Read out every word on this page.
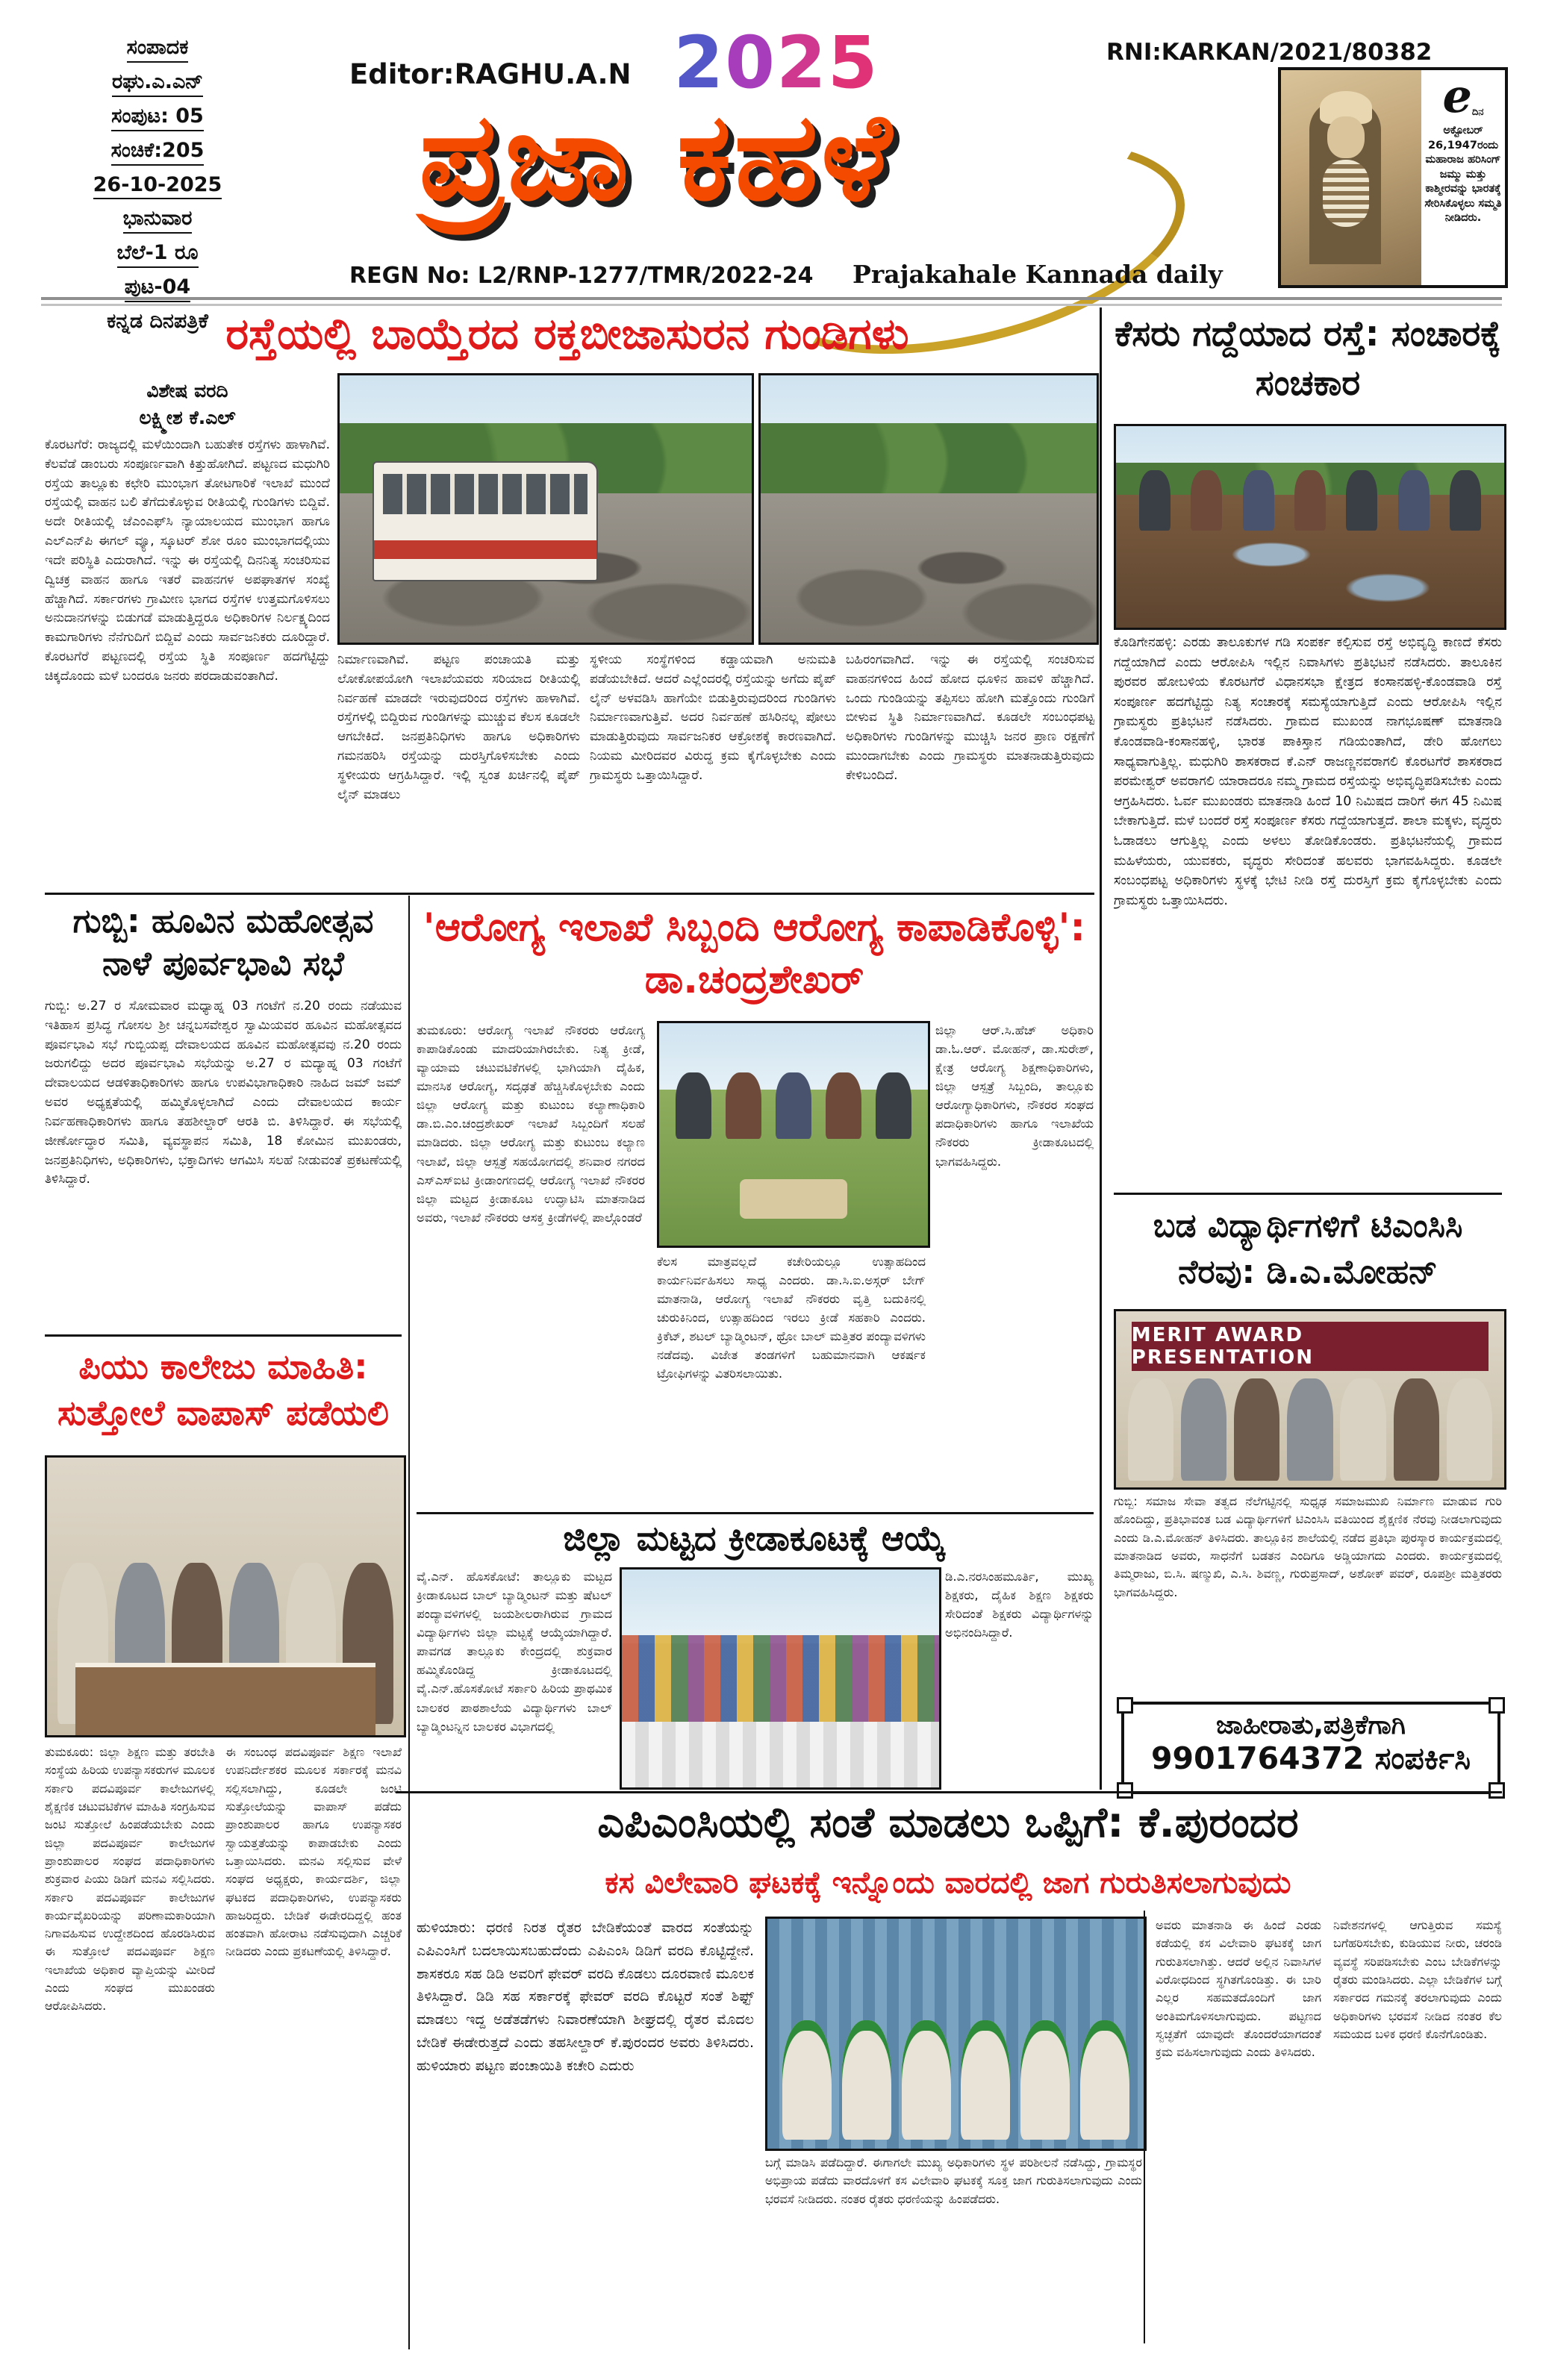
ಸಂಪಾದಕ
ರಘು.ಎ.ಎನ್
ಸಂಪುಟ: 05
ಸಂಚಿಕೆ:205
26-10-2025
ಭಾನುವಾರ
ಬೆಲೆ-1 ರೂ
ಪುಟ-04
ಕನ್ನಡ ದಿನಪತ್ರಿಕೆ
Editor:RAGHU.A.N 2025
ಪ್ರಜಾ ಕಹಳೆ
REGN No: L2/RNP-1277/TMR/2022-24 Prajakahale Kannada daily
RNI:KARKAN/2021/80382
$e_{ದಿನ}$
ಅಕ್ಟೋಬರ್ 26,1947ರಂದು ಮಹಾರಾಜ ಹರಿಸಿಂಗ್ ಜಮ್ಮು ಮತ್ತು ಕಾಶ್ಮೀರವನ್ನು ಭಾರತಕ್ಕೆ ಸೇರಿಸಿಕೊಳ್ಳಲು ಸಮ್ಮತಿ ನೀಡಿದರು.
ರಸ್ತೆಯಲ್ಲಿ ಬಾಯ್ತೆರದ ರಕ್ತಬೀಜಾಸುರನ ಗುಂಡಿಗಳು
ವಿಶೇಷ ವರದಿ
ಲಕ್ಷ್ಮೀಶ ಕೆ.ಎಲ್
ಕೊರಟಗೆರೆ: ರಾಜ್ಯದಲ್ಲಿ ಮಳೆಯಿಂದಾಗಿ ಬಹುತೇಕ ರಸ್ತೆಗಳು ಹಾಳಾಗಿವೆ. ಕೆಲವೆಡೆ ಡಾಂಬರು ಸಂಪೂರ್ಣವಾಗಿ ಕಿತ್ತುಹೋಗಿದೆ. ಪಟ್ಟಣದ ಮಧುಗಿರಿ ರಸ್ತೆಯ ತಾಲ್ಲೂಕು ಕಛೇರಿ ಮುಂಭಾಗ ತೋಟಗಾರಿಕೆ ಇಲಾಖೆ ಮುಂದೆ ರಸ್ತೆಯಲ್ಲಿ ವಾಹನ ಬಲಿ ತೆಗೆದುಕೊಳ್ಳುವ ರೀತಿಯಲ್ಲಿ ಗುಂಡಿಗಳು ಬಿದ್ದಿವೆ. ಅದೇ ರೀತಿಯಲ್ಲಿ ಜೆಎಂಎಫ್‌ಸಿ ನ್ಯಾಯಾಲಯದ ಮುಂಭಾಗ ಹಾಗೂ ಎಲ್‌ಎನ್‌ಪಿ ಈಗಲ್ ವ್ಯೂ, ಸ್ಕೂಟರ್ ಶೋ ರೂಂ ಮುಂಭಾಗದಲ್ಲಿಯು ಇದೇ ಪರಿಸ್ಥಿತಿ ಎದುರಾಗಿದೆ. ಇನ್ನು ಈ ರಸ್ತೆಯಲ್ಲಿ ದಿನನಿತ್ಯ ಸಂಚರಿಸುವ ದ್ವಿಚಕ್ರ ವಾಹನ ಹಾಗೂ ಇತರೆ ವಾಹನಗಳ ಅಪಘಾತಗಳ ಸಂಖ್ಯೆ ಹೆಚ್ಚಾಗಿದೆ. ಸರ್ಕಾರಗಳು ಗ್ರಾಮೀಣ ಭಾಗದ ರಸ್ತೆಗಳ ಉತ್ತಮಗೊಳಿಸಲು ಅನುದಾನಗಳನ್ನು ಬಿಡುಗಡೆ ಮಾಡುತ್ತಿದ್ದರೂ ಅಧಿಕಾರಿಗಳ ನಿರ್ಲಕ್ಷ್ಯದಿಂದ ಕಾಮಗಾರಿಗಳು ನೆನೆಗುದಿಗೆ ಬಿದ್ದಿವೆ ಎಂದು ಸಾರ್ವಜನಿಕರು ದೂರಿದ್ದಾರೆ. ಕೊರಟಗೆರೆ ಪಟ್ಟಣದಲ್ಲಿ ರಸ್ತೆಯ ಸ್ಥಿತಿ ಸಂಪೂರ್ಣ ಹದಗೆಟ್ಟಿದ್ದು ಚಿಕ್ಕದೊಂದು ಮಳೆ ಬಂದರೂ ಜನರು ಪರದಾಡುವಂತಾಗಿದೆ.
ನಿರ್ಮಾಣವಾಗಿವೆ. ಪಟ್ಟಣ ಪಂಚಾಯತಿ ಮತ್ತು ಲೋಕೋಪಯೋಗಿ ಇಲಾಖೆಯವರು ಸರಿಯಾದ ರೀತಿಯಲ್ಲಿ ನಿರ್ವಹಣೆ ಮಾಡದೇ ಇರುವುದರಿಂದ ರಸ್ತೆಗಳು ಹಾಳಾಗಿವೆ. ರಸ್ತೆಗಳಲ್ಲಿ ಬಿದ್ದಿರುವ ಗುಂಡಿಗಳನ್ನು ಮುಚ್ಚುವ ಕೆಲಸ ಕೂಡಲೇ ಆಗಬೇಕಿದೆ. ಜನಪ್ರತಿನಿಧಿಗಳು ಹಾಗೂ ಅಧಿಕಾರಿಗಳು ಗಮನಹರಿಸಿ ರಸ್ತೆಯನ್ನು ದುರಸ್ತಿಗೊಳಿಸಬೇಕು ಎಂದು ಸ್ಥಳೀಯರು ಆಗ್ರಹಿಸಿದ್ದಾರೆ. ಇಲ್ಲಿ ಸ್ವಂತ ಖರ್ಚಿನಲ್ಲಿ ಪೈಪ್ ಲೈನ್ ಮಾಡಲು
ಸ್ಥಳೀಯ ಸಂಸ್ಥೆಗಳಿಂದ ಕಡ್ಡಾಯವಾಗಿ ಅನುಮತಿ ಪಡೆಯಬೇಕಿದೆ. ಆದರೆ ಎಲ್ಲೆಂದರಲ್ಲಿ ರಸ್ತೆಯನ್ನು ಅಗೆದು ಪೈಪ್ ಲೈನ್ ಅಳವಡಿಸಿ ಹಾಗೆಯೇ ಬಿಡುತ್ತಿರುವುದರಿಂದ ಗುಂಡಿಗಳು ನಿರ್ಮಾಣವಾಗುತ್ತಿವೆ. ಅದರ ನಿರ್ವಹಣೆ ಹಸಿರಿನಲ್ಲ ಪೋಲು ಮಾಡುತ್ತಿರುವುದು ಸಾರ್ವಜನಿಕರ ಆಕ್ರೋಶಕ್ಕೆ ಕಾರಣವಾಗಿದೆ. ನಿಯಮ ಮೀರಿದವರ ವಿರುದ್ಧ ಕ್ರಮ ಕೈಗೊಳ್ಳಬೇಕು ಎಂದು ಗ್ರಾಮಸ್ಥರು ಒತ್ತಾಯಿಸಿದ್ದಾರೆ.
ಬಹಿರಂಗವಾಗಿದೆ. ಇನ್ನು ಈ ರಸ್ತೆಯಲ್ಲಿ ಸಂಚರಿಸುವ ವಾಹನಗಳಿಂದ ಹಿಂದೆ ಹೋದ ಧೂಳಿನ ಹಾವಳಿ ಹೆಚ್ಚಾಗಿದೆ. ಒಂದು ಗುಂಡಿಯನ್ನು ತಪ್ಪಿಸಲು ಹೋಗಿ ಮತ್ತೊಂದು ಗುಂಡಿಗೆ ಬೀಳುವ ಸ್ಥಿತಿ ನಿರ್ಮಾಣವಾಗಿದೆ. ಕೂಡಲೇ ಸಂಬಂಧಪಟ್ಟ ಅಧಿಕಾರಿಗಳು ಗುಂಡಿಗಳನ್ನು ಮುಚ್ಚಿಸಿ ಜನರ ಪ್ರಾಣ ರಕ್ಷಣೆಗೆ ಮುಂದಾಗಬೇಕು ಎಂದು ಗ್ರಾಮಸ್ಥರು ಮಾತನಾಡುತ್ತಿರುವುದು ಕೇಳಿಬಂದಿದೆ.
ಗುಬ್ಬಿ: ಹೂವಿನ ಮಹೋತ್ಸವ ನಾಳೆ ಪೂರ್ವಭಾವಿ ಸಭೆ
ಗುಬ್ಬಿ: ಅ.27 ರ ಸೋಮವಾರ ಮಧ್ಯಾಹ್ನ 03 ಗಂಟೆಗೆ ನ.20 ರಂದು ನಡೆಯುವ ಇತಿಹಾಸ ಪ್ರಸಿದ್ಧ ಗೋಸಲ ಶ್ರೀ ಚನ್ನಬಸವೇಶ್ವರ ಸ್ವಾಮಿಯವರ ಹೂವಿನ ಮಹೋತ್ಸವದ ಪೂರ್ವಭಾವಿ ಸಭೆ ಗುಬ್ಬಿಯಪ್ಪ ದೇವಾಲಯದ ಹೂವಿನ ಮಹೋತ್ಸವವು ನ.20 ರಂದು ಜರುಗಲಿದ್ದು ಅದರ ಪೂರ್ವಭಾವಿ ಸಭೆಯನ್ನು ಅ.27 ರ ಮದ್ಯಾಹ್ನ 03 ಗಂಟೆಗೆ ದೇವಾಲಯದ ಆಡಳಿತಾಧಿಕಾರಿಗಳು ಹಾಗೂ ಉಪವಿಭಾಗಾಧಿಕಾರಿ ನಾಹಿದ ಜಮ್ ಜಮ್ ಅವರ ಅಧ್ಯಕ್ಷತೆಯಲ್ಲಿ ಹಮ್ಮಿಕೊಳ್ಳಲಾಗಿದೆ ಎಂದು ದೇವಾಲಯದ ಕಾರ್ಯ ನಿರ್ವಹಣಾಧಿಕಾರಿಗಳು ಹಾಗೂ ತಹಶೀಲ್ದಾರ್ ಆರತಿ ಬಿ. ತಿಳಿಸಿದ್ದಾರೆ. ಈ ಸಭೆಯಲ್ಲಿ ಜೀರ್ಣೋದ್ಧಾರ ಸಮಿತಿ, ವ್ಯವಸ್ಥಾಪನ ಸಮಿತಿ, 18 ಕೋಮಿನ ಮುಖಂಡರು, ಜನಪ್ರತಿನಿಧಿಗಳು, ಅಧಿಕಾರಿಗಳು, ಭಕ್ತಾದಿಗಳು ಆಗಮಿಸಿ ಸಲಹೆ ನೀಡುವಂತೆ ಪ್ರಕಟಣೆಯಲ್ಲಿ ತಿಳಿಸಿದ್ದಾರೆ.
ಪಿಯು ಕಾಲೇಜು ಮಾಹಿತಿ: ಸುತ್ತೋಲೆ ವಾಪಾಸ್ ಪಡೆಯಲಿ
ತುಮಕೂರು: ಜಿಲ್ಲಾ ಶಿಕ್ಷಣ ಮತ್ತು ತರಬೇತಿ ಸಂಸ್ಥೆಯ ಹಿರಿಯ ಉಪನ್ಯಾಸಕರುಗಳ ಮೂಲಕ ಸರ್ಕಾರಿ ಪದವಿಪೂರ್ವ ಕಾಲೇಜುಗಳಲ್ಲಿ ಶೈಕ್ಷಣಿಕ ಚಟುವಟಿಕೆಗಳ ಮಾಹಿತಿ ಸಂಗ್ರಹಿಸುವ ಜಂಟಿ ಸುತ್ತೋಲೆ ಹಿಂಪಡೆಯಬೇಕು ಎಂದು ಜಿಲ್ಲಾ ಪದವಿಪೂರ್ವ ಕಾಲೇಜುಗಳ ಪ್ರಾಂಶುಪಾಲರ ಸಂಘದ ಪದಾಧಿಕಾರಿಗಳು ಶುಕ್ರವಾರ ಪಿಯು ಡಿಡಿಗೆ ಮನವಿ ಸಲ್ಲಿಸಿದರು. ಸರ್ಕಾರಿ ಪದವಿಪೂರ್ವ ಕಾಲೇಜುಗಳ ಕಾರ್ಯವೈಖರಿಯನ್ನು ಪರಿಣಾಮಕಾರಿಯಾಗಿ ನಿಗಾವಹಿಸುವ ಉದ್ದೇಶದಿಂದ ಹೊರಡಿಸಿರುವ ಈ ಸುತ್ತೋಲೆ ಪದವಿಪೂರ್ವ ಶಿಕ್ಷಣ ಇಲಾಖೆಯ ಅಧಿಕಾರ ವ್ಯಾಪ್ತಿಯನ್ನು ಮೀರಿದೆ ಎಂದು ಸಂಘದ ಮುಖಂಡರು ಆರೋಪಿಸಿದರು.
ಈ ಸಂಬಂಧ ಪದವಿಪೂರ್ವ ಶಿಕ್ಷಣ ಇಲಾಖೆ ಉಪನಿರ್ದೇಶಕರ ಮೂಲಕ ಸರ್ಕಾರಕ್ಕೆ ಮನವಿ ಸಲ್ಲಿಸಲಾಗಿದ್ದು, ಕೂಡಲೇ ಜಂಟಿ ಸುತ್ತೋಲೆಯನ್ನು ವಾಪಾಸ್ ಪಡೆದು ಪ್ರಾಂಶುಪಾಲರ ಹಾಗೂ ಉಪನ್ಯಾಸಕರ ಸ್ವಾಯತ್ತತೆಯನ್ನು ಕಾಪಾಡಬೇಕು ಎಂದು ಒತ್ತಾಯಿಸಿದರು. ಮನವಿ ಸಲ್ಲಿಸುವ ವೇಳೆ ಸಂಘದ ಅಧ್ಯಕ್ಷರು, ಕಾರ್ಯದರ್ಶಿ, ಜಿಲ್ಲಾ ಘಟಕದ ಪದಾಧಿಕಾರಿಗಳು, ಉಪನ್ಯಾಸಕರು ಹಾಜರಿದ್ದರು. ಬೇಡಿಕೆ ಈಡೇರದಿದ್ದಲ್ಲಿ ಹಂತ ಹಂತವಾಗಿ ಹೋರಾಟ ನಡೆಸುವುದಾಗಿ ಎಚ್ಚರಿಕೆ ನೀಡಿದರು ಎಂದು ಪ್ರಕಟಣೆಯಲ್ಲಿ ತಿಳಿಸಿದ್ದಾರೆ.
'ಆರೋಗ್ಯ ಇಲಾಖೆ ಸಿಬ್ಬಂದಿ ಆರೋಗ್ಯ ಕಾಪಾಡಿಕೊಳ್ಳಿ': ಡಾ.ಚಂದ್ರಶೇಖರ್
ತುಮಕೂರು: ಆರೋಗ್ಯ ಇಲಾಖೆ ನೌಕರರು ಆರೋಗ್ಯ ಕಾಪಾಡಿಕೊಂಡು ಮಾದರಿಯಾಗಿರಬೇಕು. ನಿತ್ಯ ಕ್ರೀಡೆ, ವ್ಯಾಯಾಮ ಚಟುವಟಿಕೆಗಳಲ್ಲಿ ಭಾಗಿಯಾಗಿ ದೈಹಿಕ, ಮಾನಸಿಕ ಆರೋಗ್ಯ, ಸದೃಢತೆ ಹೆಚ್ಚಿಸಿಕೊಳ್ಳಬೇಕು ಎಂದು ಜಿಲ್ಲಾ ಆರೋಗ್ಯ ಮತ್ತು ಕುಟುಂಬ ಕಲ್ಯಾಣಾಧಿಕಾರಿ ಡಾ.ಬಿ.ಎಂ.ಚಂದ್ರಶೇಖರ್ ಇಲಾಖೆ ಸಿಬ್ಬಂದಿಗೆ ಸಲಹೆ ಮಾಡಿದರು. ಜಿಲ್ಲಾ ಆರೋಗ್ಯ ಮತ್ತು ಕುಟುಂಬ ಕಲ್ಯಾಣ ಇಲಾಖೆ, ಜಿಲ್ಲಾ ಆಸ್ಪತ್ರೆ ಸಹಯೋಗದಲ್ಲಿ ಶನಿವಾರ ನಗರದ ಎಸ್‌ಎಸ್‌ಐಟಿ ಕ್ರೀಡಾಂಗಣದಲ್ಲಿ ಆರೋಗ್ಯ ಇಲಾಖೆ ನೌಕರರ ಜಿಲ್ಲಾ ಮಟ್ಟದ ಕ್ರೀಡಾಕೂಟ ಉದ್ಘಾಟಿಸಿ ಮಾತನಾಡಿದ ಅವರು, ಇಲಾಖೆ ನೌಕರರು ಆಸಕ್ತ ಕ್ರೀಡೆಗಳಲ್ಲಿ ಪಾಲ್ಗೊಂಡರೆ
ಕೆಲಸ ಮಾತ್ರವಲ್ಲದೆ ಕಚೇರಿಯಲ್ಲೂ ಉತ್ಸಾಹದಿಂದ ಕಾರ್ಯನಿರ್ವಹಿಸಲು ಸಾಧ್ಯ ಎಂದರು. ಡಾ.ಸಿ.ಐ.ಅಸ್ಗರ್ ಬೇಗ್ ಮಾತನಾಡಿ, ಆರೋಗ್ಯ ಇಲಾಖೆ ನೌಕರರು ವೃತ್ತಿ ಬದುಕಿನಲ್ಲಿ ಚುರುಕಿನಿಂದ, ಉತ್ಸಾಹದಿಂದ ಇರಲು ಕ್ರೀಡೆ ಸಹಕಾರಿ ಎಂದರು. ಕ್ರಿಕೆಟ್, ಶಟಲ್ ಬ್ಯಾಡ್ಮಿಂಟನ್, ಥ್ರೋ ಬಾಲ್ ಮತ್ತಿತರ ಪಂದ್ಯಾವಳಿಗಳು ನಡೆದವು. ವಿಜೇತ ತಂಡಗಳಿಗೆ ಬಹುಮಾನವಾಗಿ ಆಕರ್ಷಕ ಟ್ರೋಫಿಗಳನ್ನು ವಿತರಿಸಲಾಯಿತು.
ಜಿಲ್ಲಾ ಆರ್.ಸಿ.ಹೆಚ್ ಅಧಿಕಾರಿ ಡಾ.ಓ.ಆರ್. ಮೋಹನ್, ಡಾ.ಸುರೇಶ್, ಕ್ಷೇತ್ರ ಆರೋಗ್ಯ ಶಿಕ್ಷಣಾಧಿಕಾರಿಗಳು, ಜಿಲ್ಲಾ ಆಸ್ಪತ್ರೆ ಸಿಬ್ಬಂದಿ, ತಾಲ್ಲೂಕು ಆರೋಗ್ಯಾಧಿಕಾರಿಗಳು, ನೌಕರರ ಸಂಘದ ಪದಾಧಿಕಾರಿಗಳು ಹಾಗೂ ಇಲಾಖೆಯ ನೌಕರರು ಕ್ರೀಡಾಕೂಟದಲ್ಲಿ ಭಾಗವಹಿಸಿದ್ದರು.
ಜಿಲ್ಲಾ ಮಟ್ಟದ ಕ್ರೀಡಾಕೂಟಕ್ಕೆ ಆಯ್ಕೆ
ವೈ.ಎನ್. ಹೊಸಕೋಟೆ: ತಾಲ್ಲೂಕು ಮಟ್ಟದ ಕ್ರೀಡಾಕೂಟದ ಬಾಲ್ ಬ್ಯಾಡ್ಮಿಂಟನ್ ಮತ್ತು ಷೆಟಲ್ ಪಂದ್ಯಾವಳಿಗಳಲ್ಲಿ ಜಯಶೀಲರಾಗಿರುವ ಗ್ರಾಮದ ವಿದ್ಯಾರ್ಥಿಗಳು ಜಿಲ್ಲಾ ಮಟ್ಟಕ್ಕೆ ಆಯ್ಕೆಯಾಗಿದ್ದಾರೆ. ಪಾವಗಡ ತಾಲ್ಲೂಕು ಕೇಂದ್ರದಲ್ಲಿ ಶುಕ್ರವಾರ ಹಮ್ಮಿಕೊಂಡಿದ್ದ ಕ್ರೀಡಾಕೂಟದಲ್ಲಿ ವೈ.ಎನ್.ಹೊಸಕೋಟೆ ಸರ್ಕಾರಿ ಹಿರಿಯ ಪ್ರಾಥಮಿಕ ಬಾಲಕರ ಪಾಠಶಾಲೆಯ ವಿದ್ಯಾರ್ಥಿಗಳು ಬಾಲ್ ಬ್ಯಾಡ್ಮಿಂಟನ್ನಿನ ಬಾಲಕರ ವಿಭಾಗದಲ್ಲಿ
ಡಿ.ಎ.ನರಸಿಂಹಮೂರ್ತಿ, ಮುಖ್ಯ ಶಿಕ್ಷಕರು, ದೈಹಿಕ ಶಿಕ್ಷಣ ಶಿಕ್ಷಕರು ಸೇರಿದಂತೆ ಶಿಕ್ಷಕರು ವಿದ್ಯಾರ್ಥಿಗಳನ್ನು ಅಭಿನಂದಿಸಿದ್ದಾರೆ.
ಕೆಸರು ಗದ್ದೆಯಾದ ರಸ್ತೆ: ಸಂಚಾರಕ್ಕೆ ಸಂಚಕಾರ
ಕೊಡಿಗೇನಹಳ್ಳಿ: ಎರಡು ತಾಲೂಕುಗಳ ಗಡಿ ಸಂಪರ್ಕ ಕಲ್ಪಿಸುವ ರಸ್ತೆ ಅಭಿವೃದ್ಧಿ ಕಾಣದೆ ಕೆಸರು ಗದ್ದೆಯಾಗಿದೆ ಎಂದು ಆರೋಪಿಸಿ ಇಲ್ಲಿನ ನಿವಾಸಿಗಳು ಪ್ರತಿಭಟನೆ ನಡೆಸಿದರು. ತಾಲೂಕಿನ ಪುರವರ ಹೋಬಳಿಯ ಕೊರಟಗೆರೆ ವಿಧಾನಸಭಾ ಕ್ಷೇತ್ರದ ಕಂಸಾನಹಳ್ಳಿ-ಕೊಂಡವಾಡಿ ರಸ್ತೆ ಸಂಪೂರ್ಣ ಹದಗೆಟ್ಟಿದ್ದು ನಿತ್ಯ ಸಂಚಾರಕ್ಕೆ ಸಮಸ್ಯೆಯಾಗುತ್ತಿದೆ ಎಂದು ಆರೋಪಿಸಿ ಇಲ್ಲಿನ ಗ್ರಾಮಸ್ಥರು ಪ್ರತಿಭಟನೆ ನಡೆಸಿದರು. ಗ್ರಾಮದ ಮುಖಂಡ ನಾಗಭೂಷಣ್ ಮಾತನಾಡಿ ಕೊಂಡವಾಡಿ-ಕಂಸಾನಹಳ್ಳಿ, ಭಾರತ ಪಾಕಿಸ್ತಾನ ಗಡಿಯಂತಾಗಿದೆ, ಡೇರಿ ಹೋಗಲು ಸಾಧ್ಯವಾಗುತ್ತಿಲ್ಲ. ಮಧುಗಿರಿ ಶಾಸಕರಾದ ಕೆ.ಎನ್ ರಾಜಣ್ಣನವರಾಗಲಿ ಕೊರಟಗೆರೆ ಶಾಸಕರಾದ ಪರಮೇಶ್ವರ್ ಅವರಾಗಲಿ ಯಾರಾದರೂ ನಮ್ಮ ಗ್ರಾಮದ ರಸ್ತೆಯನ್ನು ಅಭಿವೃದ್ಧಿಪಡಿಸಬೇಕು ಎಂದು ಆಗ್ರಹಿಸಿದರು. ಓರ್ವ ಮುಖಂಡರು ಮಾತನಾಡಿ ಹಿಂದೆ 10 ನಿಮಿಷದ ದಾರಿಗೆ ಈಗ 45 ನಿಮಿಷ ಬೇಕಾಗುತ್ತಿದೆ. ಮಳೆ ಬಂದರೆ ರಸ್ತೆ ಸಂಪೂರ್ಣ ಕೆಸರು ಗದ್ದೆಯಾಗುತ್ತದೆ. ಶಾಲಾ ಮಕ್ಕಳು, ವೃದ್ಧರು ಓಡಾಡಲು ಆಗುತ್ತಿಲ್ಲ ಎಂದು ಅಳಲು ತೋಡಿಕೊಂಡರು. ಪ್ರತಿಭಟನೆಯಲ್ಲಿ ಗ್ರಾಮದ ಮಹಿಳೆಯರು, ಯುವಕರು, ವೃದ್ಧರು ಸೇರಿದಂತೆ ಹಲವರು ಭಾಗವಹಿಸಿದ್ದರು. ಕೂಡಲೇ ಸಂಬಂಧಪಟ್ಟ ಅಧಿಕಾರಿಗಳು ಸ್ಥಳಕ್ಕೆ ಭೇಟಿ ನೀಡಿ ರಸ್ತೆ ದುರಸ್ತಿಗೆ ಕ್ರಮ ಕೈಗೊಳ್ಳಬೇಕು ಎಂದು ಗ್ರಾಮಸ್ಥರು ಒತ್ತಾಯಿಸಿದರು.
ಬಡ ವಿದ್ಯಾರ್ಥಿಗಳಿಗೆ ಟಿಎಂಸಿಸಿ ನೆರವು: ಡಿ.ಎ.ಮೋಹನ್
MERIT AWARD PRESENTATION
ಗುಬ್ಬಿ: ಸಮಾಜ ಸೇವಾ ತತ್ವದ ನೆಲೆಗಟ್ಟಿನಲ್ಲಿ ಸುಧೃಢ ಸಮಾಜಮುಖಿ ನಿರ್ಮಾಣ ಮಾಡುವ ಗುರಿ ಹೊಂದಿದ್ದು, ಪ್ರತಿಭಾವಂತ ಬಡ ವಿದ್ಯಾರ್ಥಿಗಳಿಗೆ ಟಿಎಂಸಿಸಿ ವತಿಯಿಂದ ಶೈಕ್ಷಣಿಕ ನೆರವು ನೀಡಲಾಗುವುದು ಎಂದು ಡಿ.ಎ.ಮೋಹನ್ ತಿಳಿಸಿದರು. ತಾಲ್ಲೂಕಿನ ಶಾಲೆಯಲ್ಲಿ ನಡೆದ ಪ್ರತಿಭಾ ಪುರಸ್ಕಾರ ಕಾರ್ಯಕ್ರಮದಲ್ಲಿ ಮಾತನಾಡಿದ ಅವರು, ಸಾಧನೆಗೆ ಬಡತನ ಎಂದಿಗೂ ಅಡ್ಡಿಯಾಗದು ಎಂದರು. ಕಾರ್ಯಕ್ರಮದಲ್ಲಿ ತಿಮ್ಮರಾಜು, ಬಿ.ಸಿ. ಷಣ್ಮುಖಿ, ಎ.ಸಿ. ಶಿವಣ್ಣ, ಗುರುಪ್ರಸಾದ್, ಅಶೋಕ್ ಪವರ್, ರೂಪಶ್ರೀ ಮತ್ತಿತರರು ಭಾಗವಹಿಸಿದ್ದರು.
ಜಾಹೀರಾತು,ಪತ್ರಿಕೆಗಾಗಿ
9901764372 ಸಂಪರ್ಕಿಸಿ
ಎಪಿಎಂಸಿಯಲ್ಲಿ ಸಂತೆ ಮಾಡಲು ಒಪ್ಪಿಗೆ: ಕೆ.ಪುರಂದರ
ಕಸ ವಿಲೇವಾರಿ ಘಟಕಕ್ಕೆ ಇನ್ನೊಂದು ವಾರದಲ್ಲಿ ಜಾಗ ಗುರುತಿಸಲಾಗುವುದು
ಹುಳಿಯಾರು: ಧರಣಿ ನಿರತ ರೈತರ ಬೇಡಿಕೆಯಂತೆ ವಾರದ ಸಂತೆಯನ್ನು ಎಪಿಎಂಸಿಗೆ ಬದಲಾಯಿಸಬಹುದೆಂದು ಎಪಿಎಂಸಿ ಡಿಡಿಗೆ ವರದಿ ಕೊಟ್ಟಿದ್ದೇನೆ. ಶಾಸಕರೂ ಸಹ ಡಿಡಿ ಅವರಿಗೆ ಫೇವರ್ ವರದಿ ಕೊಡಲು ದೂರವಾಣಿ ಮೂಲಕ ತಿಳಿಸಿದ್ದಾರೆ. ಡಿಡಿ ಸಹ ಸರ್ಕಾರಕ್ಕೆ ಫೇವರ್ ವರದಿ ಕೊಟ್ಟರೆ ಸಂತೆ ಶಿಫ್ಟ್ ಮಾಡಲು ಇದ್ದ ಅಡೆತಡೆಗಳು ನಿವಾರಣೆಯಾಗಿ ಶೀಘ್ರದಲ್ಲಿ ರೈತರ ಮೊದಲ ಬೇಡಿಕೆ ಈಡೇರುತ್ತದೆ ಎಂದು ತಹಸೀಲ್ದಾರ್ ಕೆ.ಪುರಂದರ ಅವರು ತಿಳಿಸಿದರು. ಹುಳಿಯಾರು ಪಟ್ಟಣ ಪಂಚಾಯಿತಿ ಕಚೇರಿ ಎದುರು
ಬಗ್ಗೆ ಮಾಡಿಸಿ ಪಡೆದಿದ್ದಾರೆ. ಈಗಾಗಲೇ ಮುಖ್ಯ ಅಧಿಕಾರಿಗಳು ಸ್ಥಳ ಪರಿಶೀಲನೆ ನಡೆಸಿದ್ದು, ಗ್ರಾಮಸ್ಥರ ಅಭಿಪ್ರಾಯ ಪಡೆದು ವಾರದೊಳಗೆ ಕಸ ವಿಲೇವಾರಿ ಘಟಕಕ್ಕೆ ಸೂಕ್ತ ಜಾಗ ಗುರುತಿಸಲಾಗುವುದು ಎಂದು ಭರವಸೆ ನೀಡಿದರು. ನಂತರ ರೈತರು ಧರಣಿಯನ್ನು ಹಿಂಪಡೆದರು.
ಅವರು ಮಾತನಾಡಿ ಈ ಹಿಂದೆ ಎರಡು ಕಡೆಯಲ್ಲಿ ಕಸ ವಿಲೇವಾರಿ ಘಟಕಕ್ಕೆ ಜಾಗ ಗುರುತಿಸಲಾಗಿತ್ತು. ಆದರೆ ಅಲ್ಲಿನ ನಿವಾಸಿಗಳ ವಿರೋಧದಿಂದ ಸ್ಥಗಿತಗೊಂಡಿತ್ತು. ಈ ಬಾರಿ ಎಲ್ಲರ ಸಹಮತದೊಂದಿಗೆ ಜಾಗ ಅಂತಿಮಗೊಳಿಸಲಾಗುವುದು. ಪಟ್ಟಣದ ಸ್ವಚ್ಛತೆಗೆ ಯಾವುದೇ ತೊಂದರೆಯಾಗದಂತೆ ಕ್ರಮ ವಹಿಸಲಾಗುವುದು ಎಂದು ತಿಳಿಸಿದರು.
ನಿವೇಶನಗಳಲ್ಲಿ ಆಗುತ್ತಿರುವ ಸಮಸ್ಯೆ ಬಗೆಹರಿಸಬೇಕು, ಕುಡಿಯುವ ನೀರು, ಚರಂಡಿ ವ್ಯವಸ್ಥೆ ಸರಿಪಡಿಸಬೇಕು ಎಂಬ ಬೇಡಿಕೆಗಳನ್ನು ರೈತರು ಮಂಡಿಸಿದರು. ಎಲ್ಲಾ ಬೇಡಿಕೆಗಳ ಬಗ್ಗೆ ಸರ್ಕಾರದ ಗಮನಕ್ಕೆ ತರಲಾಗುವುದು ಎಂದು ಅಧಿಕಾರಿಗಳು ಭರವಸೆ ನೀಡಿದ ನಂತರ ಕೆಲ ಸಮಯದ ಬಳಿಕ ಧರಣಿ ಕೊನೆಗೊಂಡಿತು.
